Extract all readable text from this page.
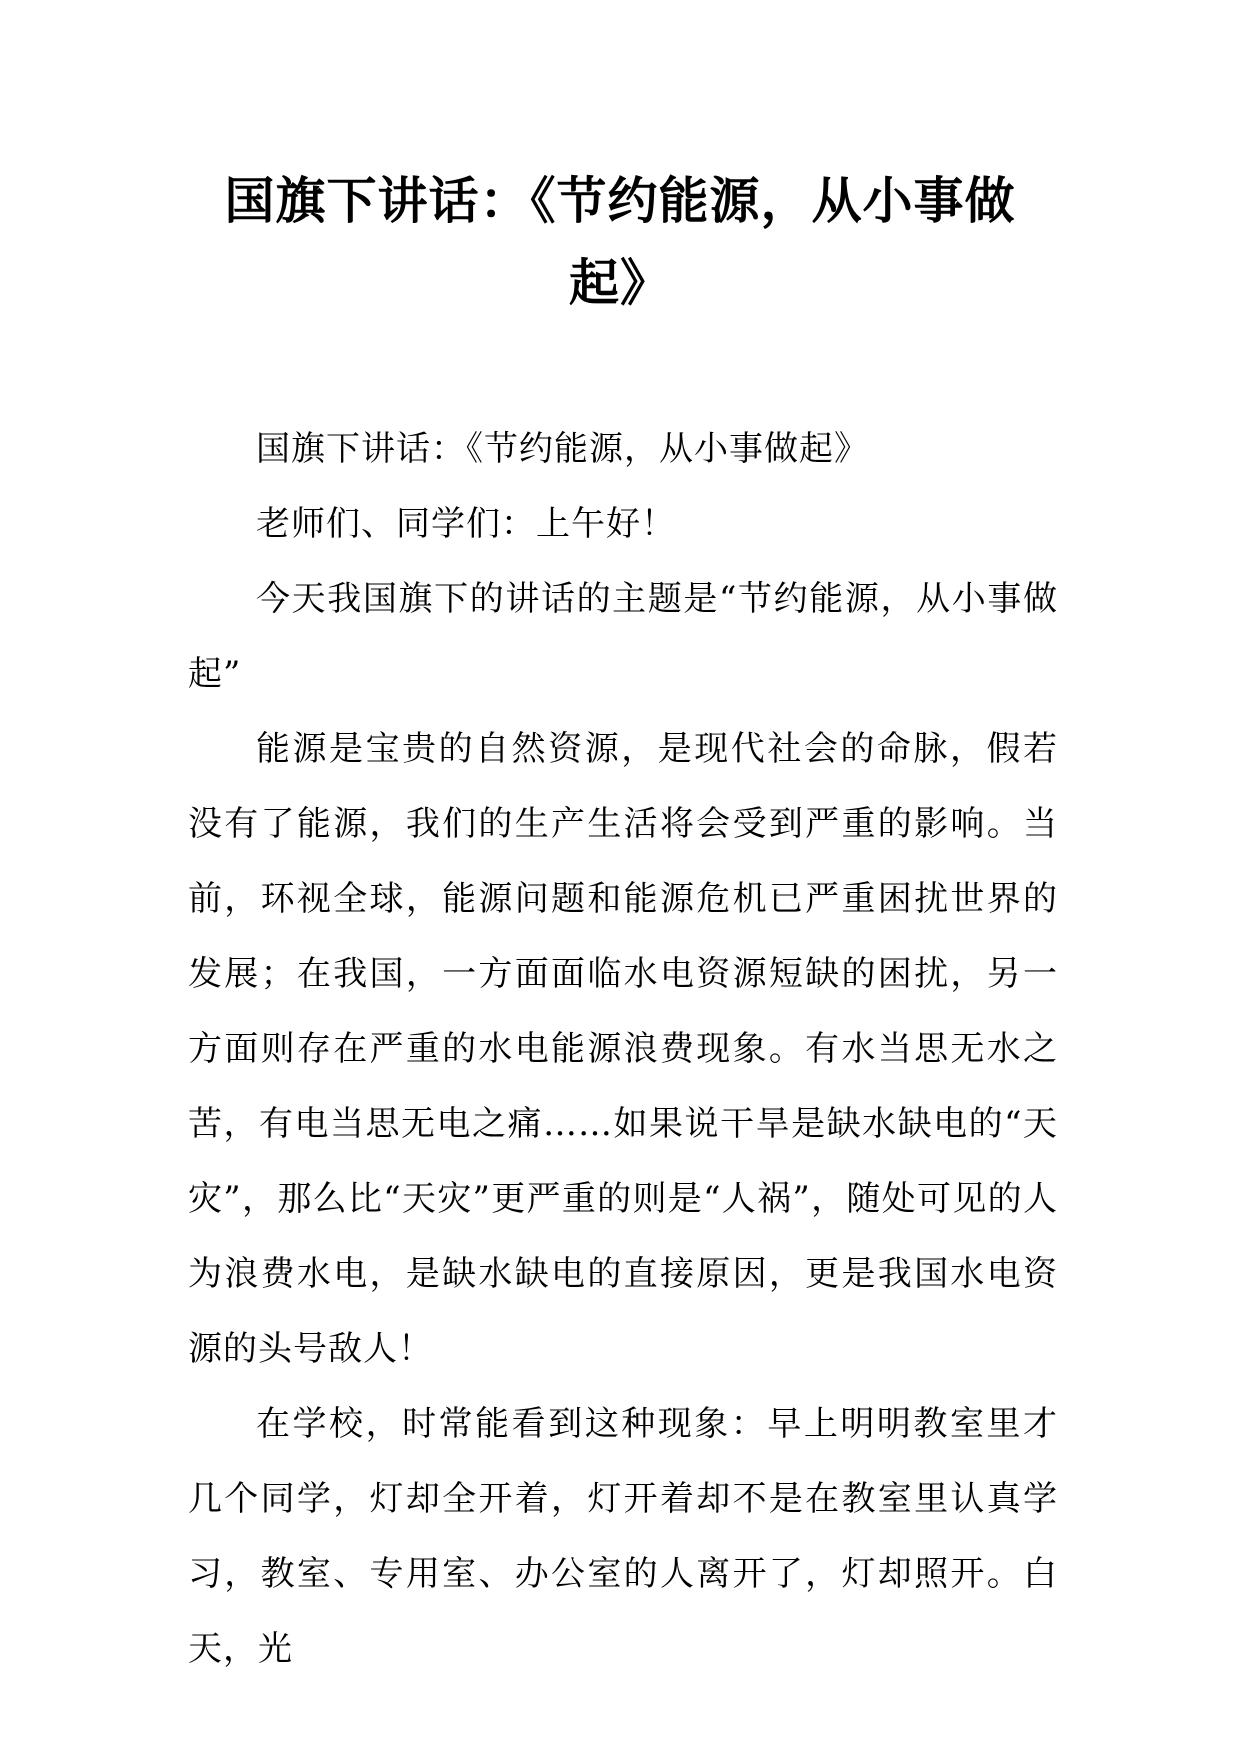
国旗下讲话：《节约能源，从小事做
起》

国旗下讲话：《节约能源，从小事做起》

老师们、同学们：上午好！

今天我国旗下的讲话的主题是“节约能源，从小事做起”

能源是宝贵的自然资源，是现代社会的命脉，假若没有了能源，我们的生产生活将会受到严重的影响。当前，环视全球，能源问题和能源危机已严重困扰世界的发展；在我国，一方面面临水电资源短缺的困扰，另一方面则存在严重的水电能源浪费现象。有水当思无水之苦，有电当思无电之痛……如果说干旱是缺水缺电的“天灾”，那么比“天灾”更严重的则是“人祸”，随处可见的人为浪费水电，是缺水缺电的直接原因，更是我国水电资源的头号敌人！

在学校，时常能看到这种现象：早上明明教室里才几个同学，灯却全开着，灯开着却不是在教室里认真学习，教室、专用室、办公室的人离开了，灯却照开。白天，光
